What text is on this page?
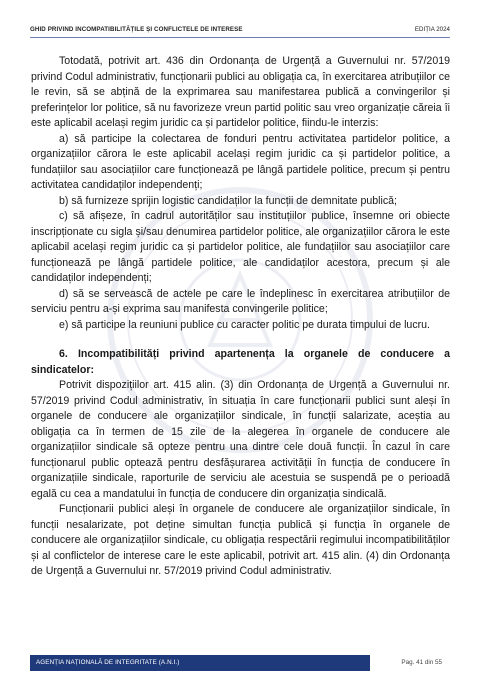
GHID PRIVIND INCOMPATIBILITĂȚILE ȘI CONFLICTELE DE INTERESE	EDIȚIA 2024

Totodată, potrivit art. 436 din Ordonanța de Urgență a Guvernului nr. 57/2019 privind Codul administrativ, funcționarii publici au obligația ca, în exercitarea atribuțiilor ce le revin, să se abțină de la exprimarea sau manifestarea publică a convingerilor și preferințelor lor politice, să nu favorizeze vreun partid politic sau vreo organizație căreia îi este aplicabil același regim juridic ca și partidelor politice, fiindu-le interzis:

a) să participe la colectarea de fonduri pentru activitatea partidelor politice, a organizațiilor cărora le este aplicabil același regim juridic ca și partidelor politice, a fundațiilor sau asociațiilor care funcționează pe lângă partidele politice, precum și pentru activitatea candidaților independenți;

b) să furnizeze sprijin logistic candidaților la funcții de demnitate publică;

c) să afișeze, în cadrul autorităților sau instituțiilor publice, însemne ori obiecte inscripționate cu sigla și/sau denumirea partidelor politice, ale organizațiilor cărora le este aplicabil același regim juridic ca și partidelor politice, ale fundațiilor sau asociațiilor care funcționează pe lângă partidele politice, ale candidaților acestora, precum și ale candidaților independenți;

d) să se servească de actele pe care le îndeplinesc în exercitarea atribuțiilor de serviciu pentru a-și exprima sau manifesta convingerile politice;

e) să participe la reuniuni publice cu caracter politic pe durata timpului de lucru.

6. Incompatibilități privind apartenența la organele de conducere a sindicatelor:

Potrivit dispozițiilor art. 415 alin. (3) din Ordonanța de Urgență a Guvernului nr. 57/2019 privind Codul administrativ, în situația în care funcționarii publici sunt aleși în organele de conducere ale organizațiilor sindicale, în funcții salarizate, aceștia au obligația ca în termen de 15 zile de la alegerea în organele de conducere ale organizațiilor sindicale să opteze pentru una dintre cele două funcții. În cazul în care funcționarul public optează pentru desfășurarea activității în funcția de conducere în organizațiile sindicale, raporturile de serviciu ale acestuia se suspendă pe o perioadă egală cu cea a mandatului în funcția de conducere din organizația sindicală.

Funcționarii publici aleși în organele de conducere ale organizațiilor sindicale, în funcții nesalarizate, pot deține simultan funcția publică și funcția în organele de conducere ale organizațiilor sindicale, cu obligația respectării regimului incompatibilităților și al conflictelor de interese care le este aplicabil, potrivit art. 415 alin. (4) din Ordonanța de Urgență a Guvernului nr. 57/2019 privind Codul administrativ.

AGENȚIA NAȚIONALĂ DE INTEGRITATE (A.N.I.)	Pag. 41 din 55
